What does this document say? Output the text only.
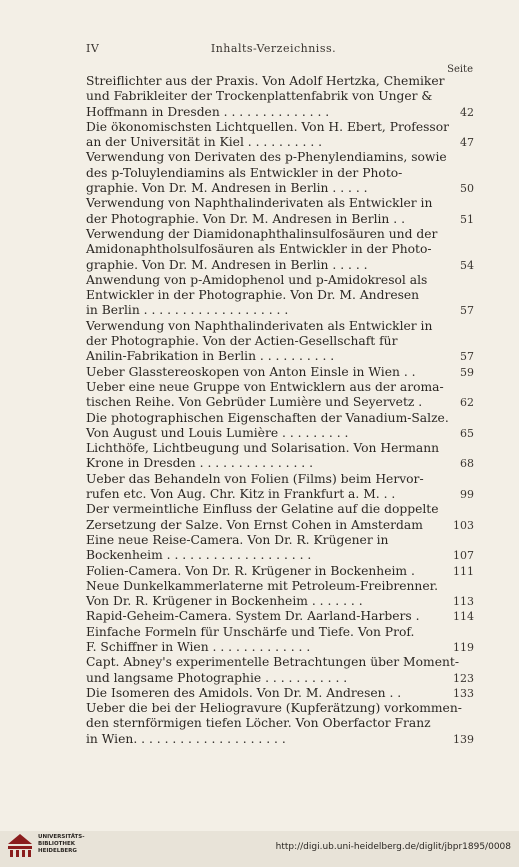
IV	Inhalts-Verzeichniss.
Seite
Streiflichter aus der Praxis. Von Adolf Hertzka, Chemiker
und Fabrikleiter der Trockenplattenfabrik von Unger &
Hoffmann in Dresden . . . . . . . . . . . . . .	42
Die ökonomischsten Lichtquellen. Von H. Ebert, Professor
an der Universität in Kiel . . . . . . . . . .	47
Verwendung von Derivaten des p-Phenylendiamins, sowie
des p-Toluylendiamins als Entwickler in der Photo-
graphie. Von Dr. M. Andresen in Berlin . . . . .	50
Verwendung von Naphthalinderivaten als Entwickler in
der Photographie. Von Dr. M. Andresen in Berlin . .	51
Verwendung der Diamidonaphthalinsulfosäuren und der
Amidonaphtholsulfosäuren als Entwickler in der Photo-
graphie. Von Dr. M. Andresen in Berlin . . . . .	54
Anwendung von p-Amidophenol und p-Amidokresol als
Entwickler in der Photographie. Von Dr. M. Andresen
in Berlin . . . . . . . . . . . . . . . . . . .	57
Verwendung von Naphthalinderivaten als Entwickler in
der Photographie. Von der Actien-Gesellschaft für
Anilin-Fabrikation in Berlin . . . . . . . . . .	57
Ueber Glasstereoskopen von Anton Einsle in Wien . .	59
Ueber eine neue Gruppe von Entwicklern aus der aroma-
tischen Reihe. Von Gebrüder Lumière und Seyervetz .	62
Die photographischen Eigenschaften der Vanadium-Salze.
Von August und Louis Lumière . . . . . . . . .	65
Lichthöfe, Lichtbeugung und Solarisation. Von Hermann
Krone in Dresden . . . . . . . . . . . . . . .	68
Ueber das Behandeln von Folien (Films) beim Hervor-
rufen etc. Von Aug. Chr. Kitz in Frankfurt a. M. . .	99
Der vermeintliche Einfluss der Gelatine auf die doppelte
Zersetzung der Salze. Von Ernst Cohen in Amsterdam	103
Eine neue Reise-Camera. Von Dr. R. Krügener in
Bockenheim . . . . . . . . . . . . . . . . . . .	107
Folien-Camera. Von Dr. R. Krügener in Bockenheim .	111
Neue Dunkelkammerlaterne mit Petroleum-Freibrenner.
Von Dr. R. Krügener in Bockenheim . . . . . . .	113
Rapid-Geheim-Camera. System Dr. Aarland-Harbers .	114
Einfache Formeln für Unschärfe und Tiefe. Von Prof.
F. Schiffner in Wien . . . . . . . . . . . . .	119
Capt. Abney's experimentelle Betrachtungen über Moment-
und langsame Photographie . . . . . . . . . . .	123
Die Isomeren des Amidols. Von Dr. M. Andresen . .	133
Ueber die bei der Heliogravure (Kupferätzung) vorkommen-
den sternförmigen tiefen Löcher. Von Oberfactor Franz
in Wien. . . . . . . . . . . . . . . . . . . .	139
UNIVERSITÄTS-
BIBLIOTHEK
HEIDELBERG	http://digi.ub.uni-heidelberg.de/diglit/jbpr1895/0008
